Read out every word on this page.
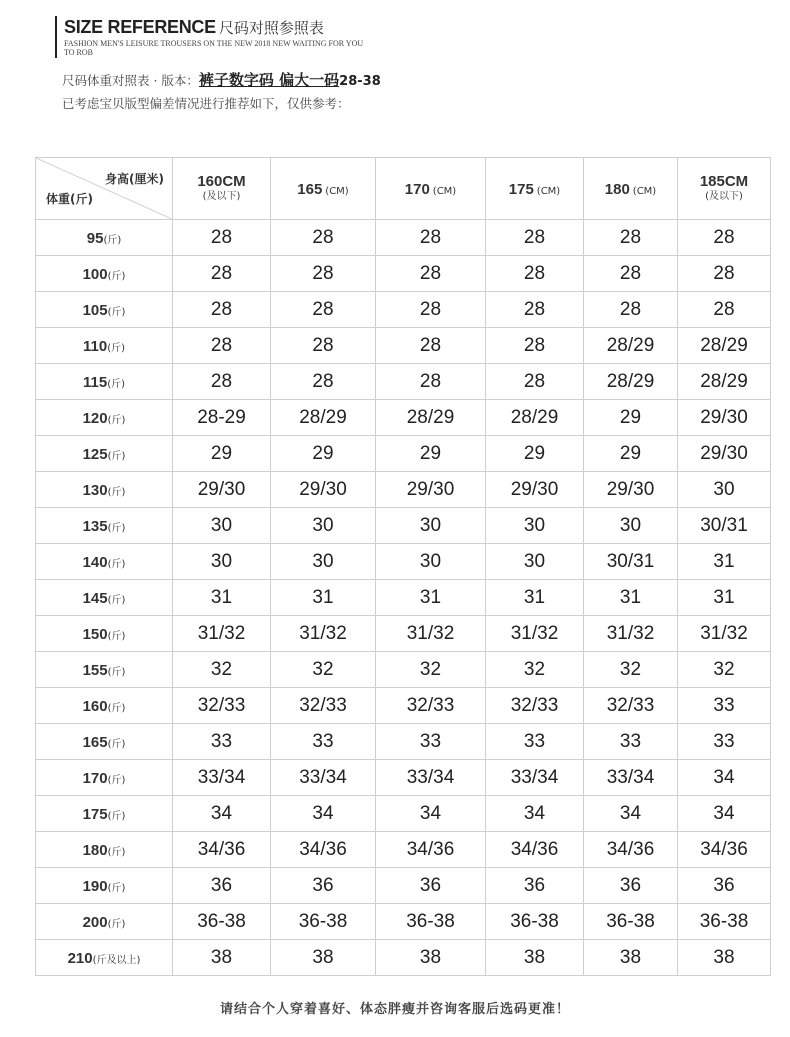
SIZE REFERENCE 尺码对照参照表
FASHION MEN'S LEISURE TROUSERS ON THE NEW 2018 NEW WAITING FOR YOU TO ROB
尺码体重对照表 · 版本：裤子数字码 偏大一码28-38
已考虑宝贝版型偏差情况进行推荐如下，仅供参考：
身高(厘米)
体重(斤)	160CM
(及以下)	165 (CM)	170 (CM)	175 (CM)	180 (CM)	185CM
(及以下)

95(斤)	28	28	28	28	28	28
100(斤)	28	28	28	28	28	28
105(斤)	28	28	28	28	28	28
110(斤)	28	28	28	28	28/29	28/29
115(斤)	28	28	28	28	28/29	28/29
120(斤)	28-29	28/29	28/29	28/29	29	29/30
125(斤)	29	29	29	29	29	29/30
130(斤)	29/30	29/30	29/30	29/30	29/30	30
135(斤)	30	30	30	30	30	30/31
140(斤)	30	30	30	30	30/31	31
145(斤)	31	31	31	31	31	31
150(斤)	31/32	31/32	31/32	31/32	31/32	31/32
155(斤)	32	32	32	32	32	32
160(斤)	32/33	32/33	32/33	32/33	32/33	33
165(斤)	33	33	33	33	33	33
170(斤)	33/34	33/34	33/34	33/34	33/34	34
175(斤)	34	34	34	34	34	34
180(斤)	34/36	34/36	34/36	34/36	34/36	34/36
190(斤)	36	36	36	36	36	36
200(斤)	36-38	36-38	36-38	36-38	36-38	36-38
210(斤及以上)	38	38	38	38	38	38
请结合个人穿着喜好、体态胖瘦并咨询客服后选码更准！
